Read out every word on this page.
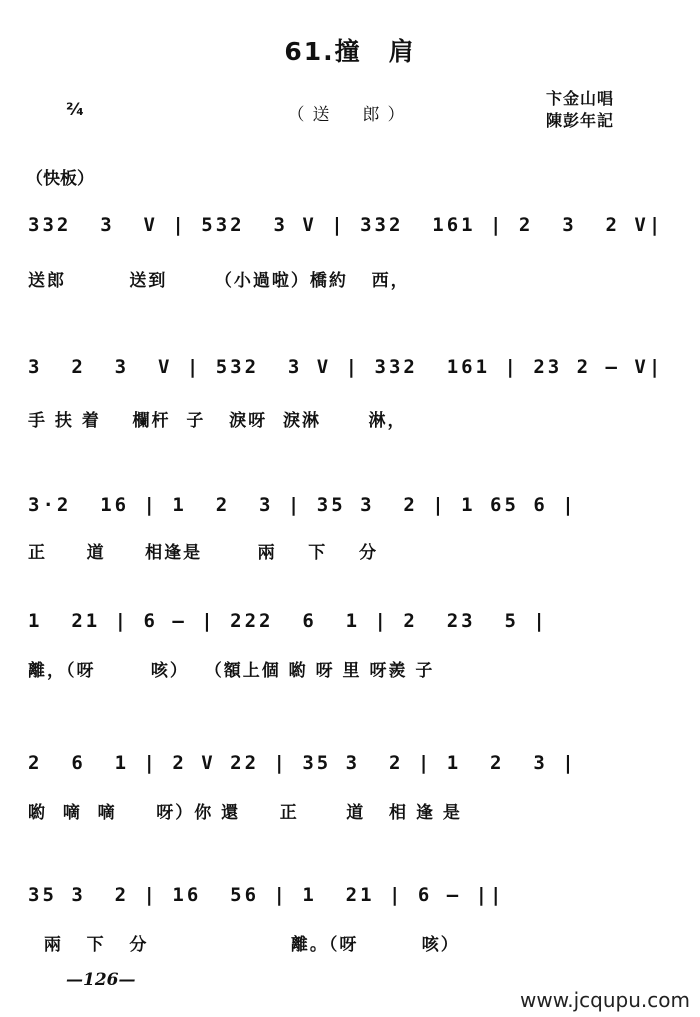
61.撞　肩
²⁄₄	（送　郎）
卞金山唱
陳彭年記
（快板）
332  3  V | 532  3 V | 332  161 | 2  3  2 V|
送郎        送到      （小過啦）橋約   西，
3  2  3  V | 532  3 V | 332  161 | 23 2 — V|
手 扶 着    欄杆  子   淚呀  淚淋      淋，
3·2  16 | 1  2  3 | 35 3  2 | 1 65 6 |
正     道     相逢是       兩    下    分
1  21 | 6 — | 222  6  1 | 2  23  5 |
離，（呀       咳）  （額上個 喲 呀 里 呀羨 子
2  6  1 | 2 V 22 | 35 3  2 | 1  2  3 |
喲  嘀  嘀     呀）你 還     正      道   相 逢 是
35 3  2 | 16  56 | 1  21 | 6 — ||
兩   下   分                  離。（呀        咳）
—126—
www.jcqupu.com
